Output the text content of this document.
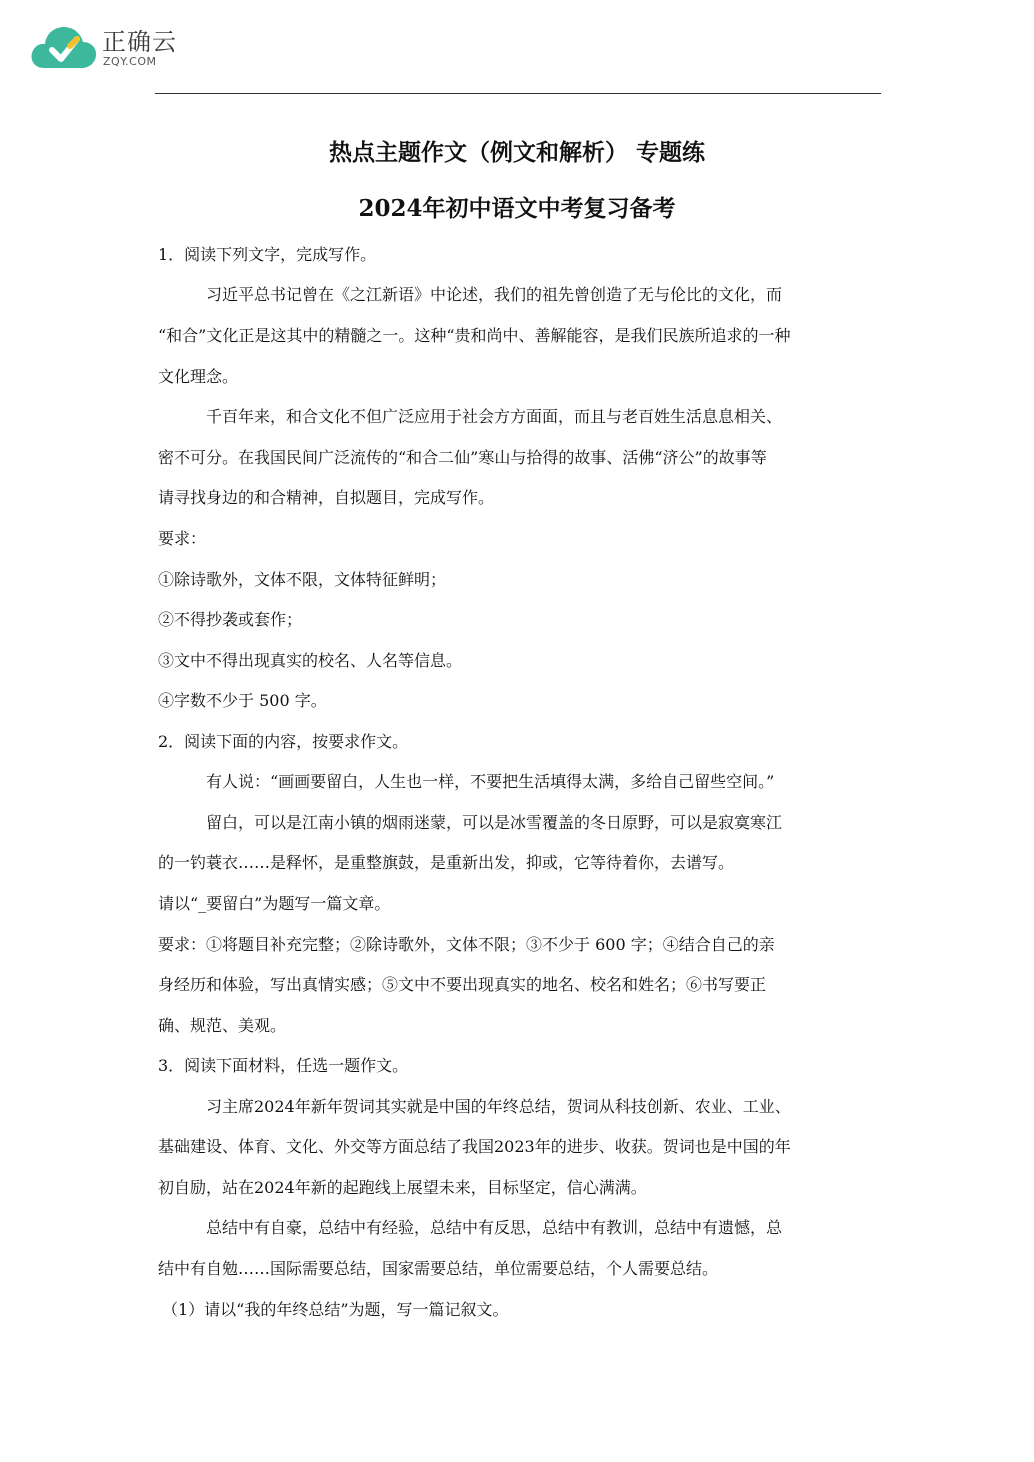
正确云
ZQY.COM
热点主题作文（例文和解析） 专题练
2024年初中语文中考复习备考
1．阅读下列文字，完成写作。
习近平总书记曾在《之江新语》中论述，我们的祖先曾创造了无与伦比的文化，而
“和合”文化正是这其中的精髓之一。这种“贵和尚中、善解能容，是我们民族所追求的一种
文化理念。
千百年来，和合文化不但广泛应用于社会方方面面，而且与老百姓生活息息相关、
密不可分。在我国民间广泛流传的“和合二仙”寒山与拾得的故事、活佛“济公”的故事等
请寻找身边的和合精神，自拟题目，完成写作。
要求：
①除诗歌外，文体不限，文体特征鲜明；
②不得抄袭或套作；
③文中不得出现真实的校名、人名等信息。
④字数不少于 500 字。
2．阅读下面的内容，按要求作文。
有人说：“画画要留白，人生也一样，不要把生活填得太满，多给自己留些空间。”
留白，可以是江南小镇的烟雨迷蒙，可以是冰雪覆盖的冬日原野，可以是寂寞寒江
的一钓蓑衣……是释怀，是重整旗鼓，是重新出发，抑或，它等待着你，去谱写。
请以“_要留白”为题写一篇文章。
要求：①将题目补充完整；②除诗歌外，文体不限；③不少于 600 字；④结合自己的亲
身经历和体验，写出真情实感；⑤文中不要出现真实的地名、校名和姓名；⑥书写要正
确、规范、美观。
3．阅读下面材料，任选一题作文。
习主席2024年新年贺词其实就是中国的年终总结，贺词从科技创新、农业、工业、
基础建设、体育、文化、外交等方面总结了我国2023年的进步、收获。贺词也是中国的年
初自励，站在2024年新的起跑线上展望未来，目标坚定，信心满满。
总结中有自豪，总结中有经验，总结中有反思，总结中有教训，总结中有遗憾，总
结中有自勉……国际需要总结，国家需要总结，单位需要总结，个人需要总结。
（1）请以“我的年终总结”为题，写一篇记叙文。
